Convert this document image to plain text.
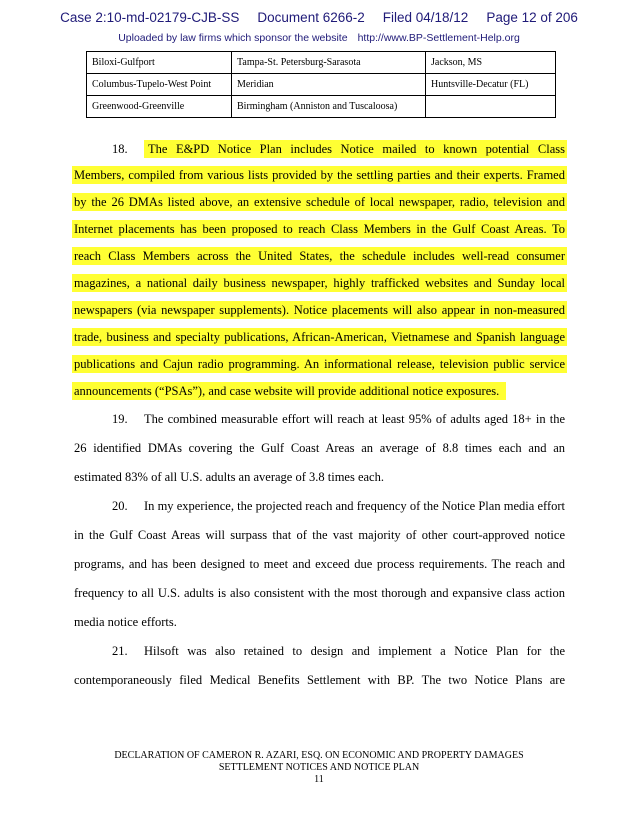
Case 2:10-md-02179-CJB-SS Document 6266-2 Filed 04/18/12 Page 12 of 206
Uploaded by law firms which sponsor the website http://www.BP-Settlement-Help.org
Biloxi-Gulfport	Tampa-St. Petersburg-Sarasota	Jackson, MS
Columbus-Tupelo-West Point	Meridian	Huntsville-Decatur (FL)
Greenwood-Greenville	Birmingham (Anniston and Tuscaloosa)	
18.	The E&PD Notice Plan includes Notice mailed to known potential Class
Members, compiled from various lists provided by the settling parties and their experts. Framed
by the 26 DMAs listed above, an extensive schedule of local newspaper, radio, television and
Internet placements has been proposed to reach Class Members in the Gulf Coast Areas. To
reach Class Members across the United States, the schedule includes well-read consumer
magazines, a national daily business newspaper, highly trafficked websites and Sunday local
newspapers (via newspaper supplements). Notice placements will also appear in non-measured
trade, business and specialty publications, African-American, Vietnamese and Spanish language
publications and Cajun radio programming. An informational release, television public service
announcements (“PSAs”), and case website will provide additional notice exposures.
19.	The combined measurable effort will reach at least 95% of adults aged 18+ in the
26 identified DMAs covering the Gulf Coast Areas an average of 8.8 times each and an
estimated 83% of all U.S. adults an average of 3.8 times each.
20.	In my experience, the projected reach and frequency of the Notice Plan media effort
in the Gulf Coast Areas will surpass that of the vast majority of other court-approved notice
programs, and has been designed to meet and exceed due process requirements. The reach and
frequency to all U.S. adults is also consistent with the most thorough and expansive class action
media notice efforts.
21.	Hilsoft was also retained to design and implement a Notice Plan for the
contemporaneously filed Medical Benefits Settlement with BP. The two Notice Plans are
DECLARATION OF CAMERON R. AZARI, ESQ. ON ECONOMIC AND PROPERTY DAMAGES
SETTLEMENT NOTICES AND NOTICE PLAN
11
